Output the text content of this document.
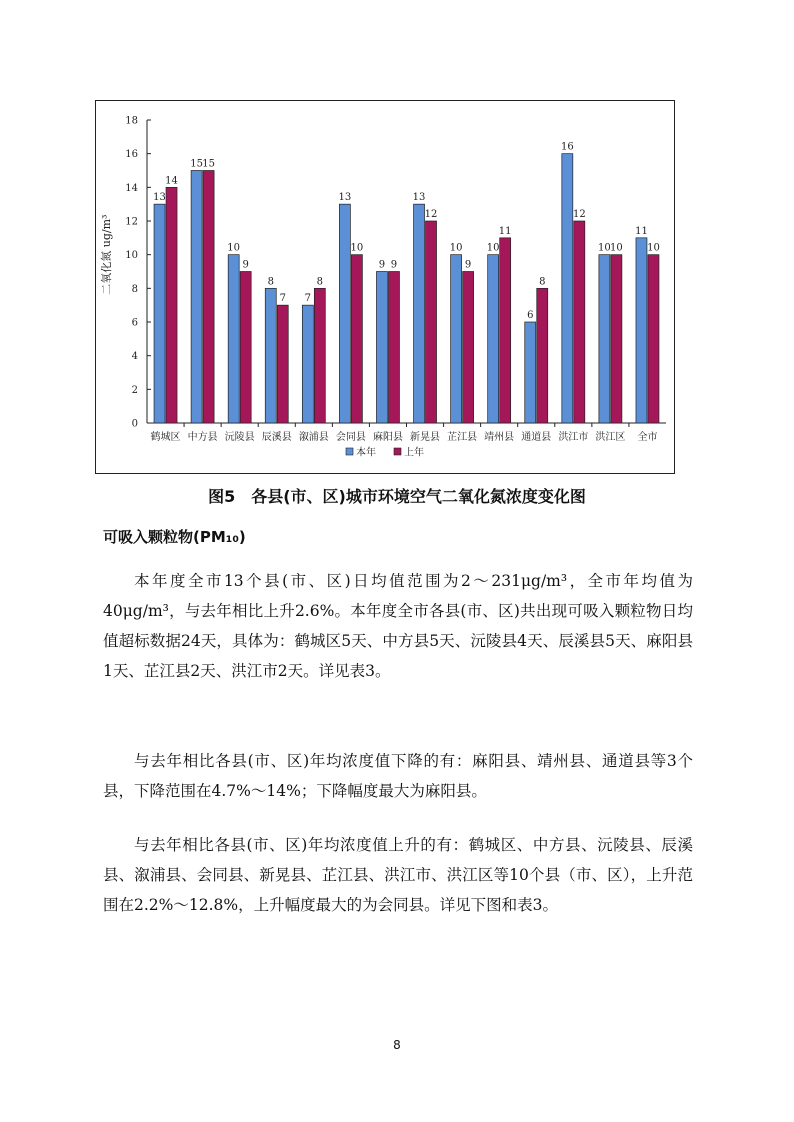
0
2
4
6
8
10
12
14
16
18
二氧化氮 ug/m³
13
14
鹤城区
15 15
中方县
10
9
沅陵县
8
7
辰溪县
7
8
溆浦县
13
10
会同县
9 9
麻阳县
13
12
新晃县
10
9
芷江县
10
11
靖州县
6
8
通道县
16
12
洪江市
10 10
洪江区
11
10
全市
本年	上年
图5　各县(市、区)城市环境空气二氧化氮浓度变化图
可吸入颗粒物(PM₁₀)

本年度全市13个县(市、区)日均值范围为2～231μg/m³，全市年均值为40μg/m³，与去年相比上升2.6%。本年度全市各县(市、区)共出现可吸入颗粒物日均值超标数据24天，具体为：鹤城区5天、中方县5天、沅陵县4天、辰溪县5天、麻阳县1天、芷江县2天、洪江市2天。详见表3。

与去年相比各县(市、区)年均浓度值下降的有：麻阳县、靖州县、通道县等3个县，下降范围在4.7%～14%；下降幅度最大为麻阳县。

与去年相比各县(市、区)年均浓度值上升的有：鹤城区、中方县、沅陵县、辰溪县、溆浦县、会同县、新晃县、芷江县、洪江市、洪江区等10个县（市、区），上升范围在2.2%～12.8%，上升幅度最大的为会同县。详见下图和表3。

8
